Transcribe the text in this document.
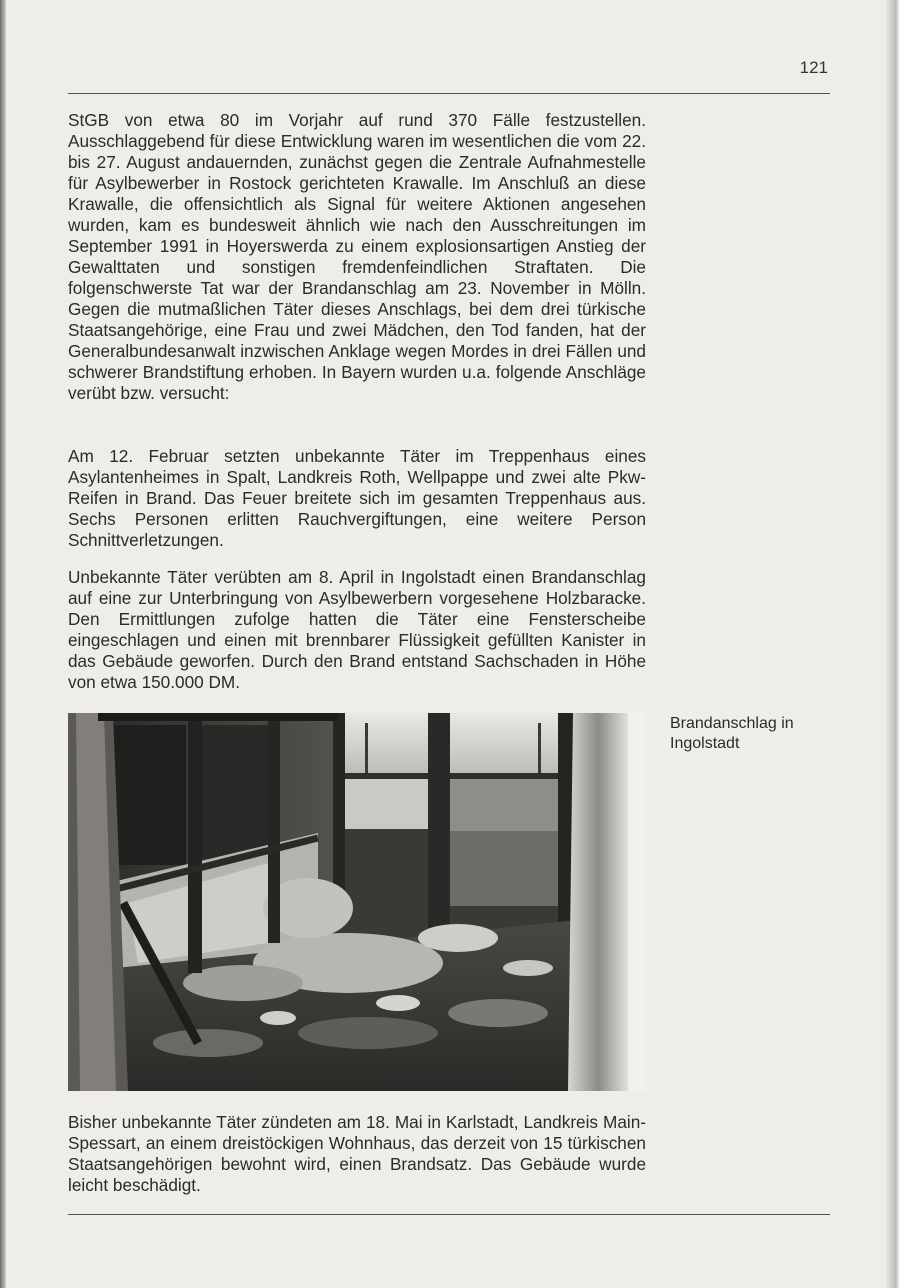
121

StGB von etwa 80 im Vorjahr auf rund 370 Fälle festzustellen. Ausschlaggebend für diese Entwicklung waren im wesentlichen die vom 22. bis 27. August andauernden, zunächst gegen die Zentrale Aufnahmestelle für Asylbewerber in Rostock gerichteten Krawalle. Im Anschluß an diese Krawalle, die offensichtlich als Signal für weitere Aktionen angesehen wurden, kam es bundesweit ähnlich wie nach den Ausschreitungen im September 1991 in Hoyerswerda zu einem explosionsartigen Anstieg der Gewalttaten und sonstigen fremdenfeindlichen Straftaten. Die folgenschwerste Tat war der Brandanschlag am 23. November in Mölln. Gegen die mutmaßlichen Täter dieses Anschlags, bei dem drei türkische Staatsangehörige, eine Frau und zwei Mädchen, den Tod fanden, hat der Generalbundesanwalt inzwischen Anklage wegen Mordes in drei Fällen und schwerer Brandstiftung erhoben. In Bayern wurden u.a. folgende Anschläge verübt bzw. versucht:

Am 12. Februar setzten unbekannte Täter im Treppenhaus eines Asylantenheimes in Spalt, Landkreis Roth, Wellpappe und zwei alte Pkw-Reifen in Brand. Das Feuer breitete sich im gesamten Treppenhaus aus. Sechs Personen erlitten Rauchvergiftungen, eine weitere Person Schnittverletzungen.

Unbekannte Täter verübten am 8. April in Ingolstadt einen Brandanschlag auf eine zur Unterbringung von Asylbewerbern vorgesehene Holzbaracke. Den Ermittlungen zufolge hatten die Täter eine Fensterscheibe eingeschlagen und einen mit brennbarer Flüssigkeit gefüllten Kanister in das Gebäude geworfen. Durch den Brand entstand Sachschaden in Höhe von etwa 150.000 DM.

Brandanschlag in Ingolstadt

Bisher unbekannte Täter zündeten am 18. Mai in Karlstadt, Landkreis Main-Spessart, an einem dreistöckigen Wohnhaus, das derzeit von 15 türkischen Staatsangehörigen bewohnt wird, einen Brandsatz. Das Gebäude wurde leicht beschädigt.
